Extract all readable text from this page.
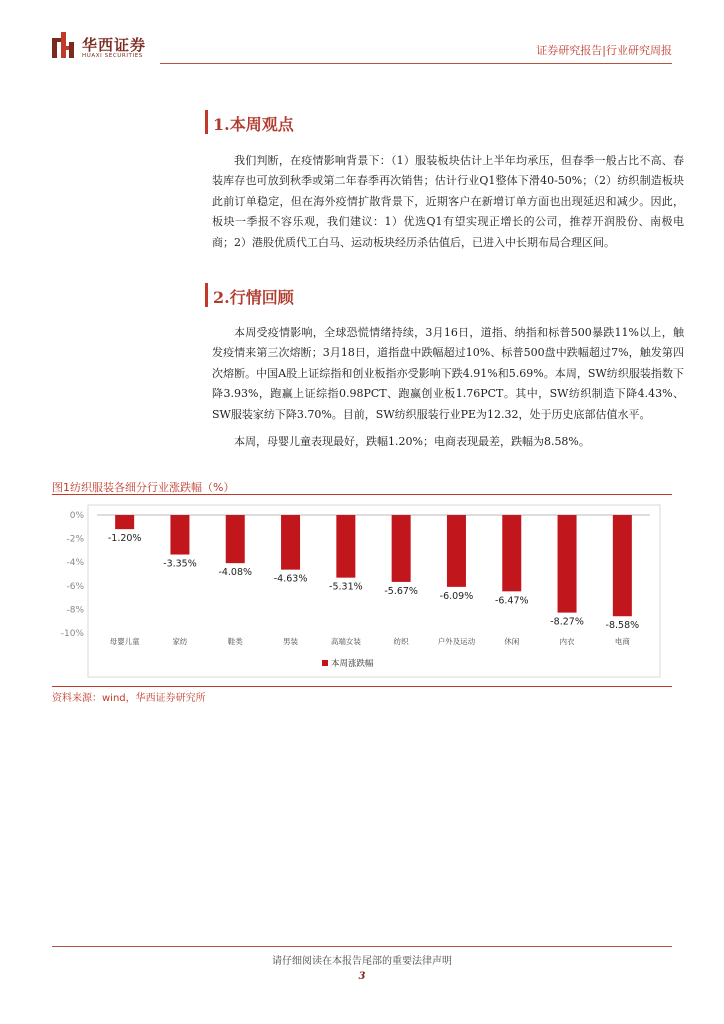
华西证券
HUAXI SECURITIES	证券研究报告|行业研究周报
1.本周观点

我们判断，在疫情影响背景下：（1）服装板块估计上半年均承压，但春季一般占比不高、春装库存也可放到秋季或第二年春季再次销售；估计行业Q1整体下滑40-50%；（2）纺织制造板块此前订单稳定，但在海外疫情扩散背景下，近期客户在新增订单方面也出现延迟和减少。因此，板块一季报不容乐观，我们建议：1）优选Q1有望实现正增长的公司，推荐开润股份、南极电商；2）港股优质代工白马、运动板块经历杀估值后，已进入中长期布局合理区间。

2.行情回顾

本周受疫情影响，全球恐慌情绪持续，3月16日，道指、纳指和标普500暴跌11%以上，触发疫情来第三次熔断；3月18日，道指盘中跌幅超过10%、标普500盘中跌幅超过7%，触发第四次熔断。中国A股上证综指和创业板指亦受影响下跌4.91%和5.69%。本周，SW纺织服装指数下降3.93%，跑赢上证综指0.98PCT、跑赢创业板1.76PCT。其中，SW纺织制造下降4.43%、SW服装家纺下降3.70%。目前，SW纺织服装行业PE为12.32，处于历史底部估值水平。

本周，母婴儿童表现最好，跌幅1.20%；电商表现最差，跌幅为8.58%。

图1纺织服装各细分行业涨跌幅（%）
0%
-2%
-4%
-6%
-8%
-10%
-1.20%
母婴儿童
-3.35%
家纺
-4.08%
鞋类
-4.63%
男装
-5.31%
高端女装
-5.67%
纺织
-6.09%
户外及运动
-6.47%
休闲
-8.27%
内衣
-8.58%
电商
本周涨跌幅
资料来源：wind，华西证券研究所
请仔细阅读在本报告尾部的重要法律声明
3
